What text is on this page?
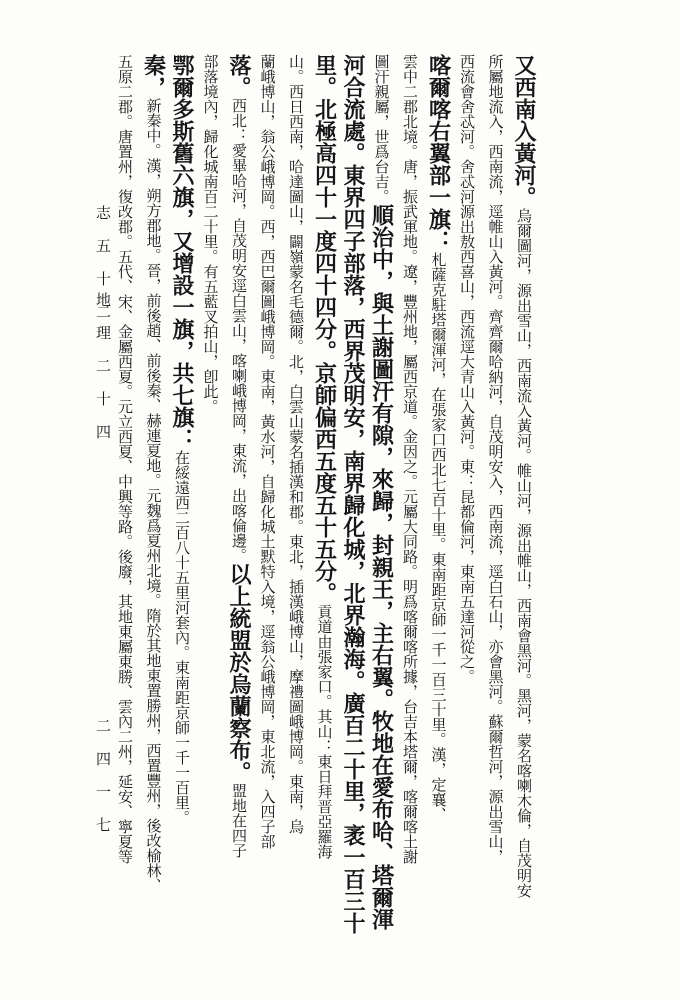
又西南入黃河。烏爾圖河，源出雪山，西南流入黃河。帷山河，源出帷山，西南會黑河。黑河，蒙名喀喇木倫，自茂明安
所屬地流入，西南流，逕帷山入黃河。齊齊爾哈納河，自茂明安入，西南流，逕白石山，亦會黑河。蘇爾哲河，源出雪山，
西流會舍忒河。舍忒河源出敖西喜山，西流逕大青山入黃河。東：昆都倫河，東南五達河從之。
喀爾喀右翼部一旗：札薩克駐塔爾渾河，在張家口西北七百十里。東南距京師一千一百三十里。漢，定襄、
雲中二郡北境。唐，振武軍地。遼，豐州地，屬西京道。金因之。元屬大同路。明爲喀爾喀所據，台吉本塔爾，喀爾喀土謝
圖汗親屬，世爲台吉。順治中，與土謝圖汗有隙，來歸，封親王，主右翼。牧地在愛布哈、塔爾渾
河合流處。東界四子部落，西界茂明安，南界歸化城，北界瀚海。廣百二十里，袤一百三十
里。北極高四十一度四十四分。京師偏西五度五十五分。貢道由張家口。其山：東日拜晋亞羅海
山。西日西南，哈達圖山，闢嶺蒙名毛德爾。北，白雲山蒙名插漢和郡。東北，插漢峨博山，摩禮圖峨博岡。東南，烏
蘭峨博山，翁公峨博岡。西，西巴爾圖峨博岡。東南，黃水河，自歸化城土默特入境，逕翁公峨博岡，東北流，入四子部
落。西北：愛畢哈河，自茂明安逕白雲山，喀喇峨博岡，東流，出喀倫邊。以上統盟於烏蘭察布。盟地在四子
部落境內，歸化城南百二十里。有五藍叉拍山，卽此。
鄂爾多斯舊六旗，又增設一旗，共七旗：在綏遠西二百八十五里河套內。東南距京師一千一百里。
秦，新秦中。漢，朔方郡地。晉，前後趙、前後秦、赫連夏地。元魏爲夏州北境。隋於其地東置勝州，西置豐州，後改榆林、
五原二郡。唐置州，復改郡。五代、宋、金屬西夏。元立西夏、中興等路。後廢，其地東屬東勝、雲內二州，延安、寧夏等
志 五 十 二
地 理 二 十 四
二 四 一 七
